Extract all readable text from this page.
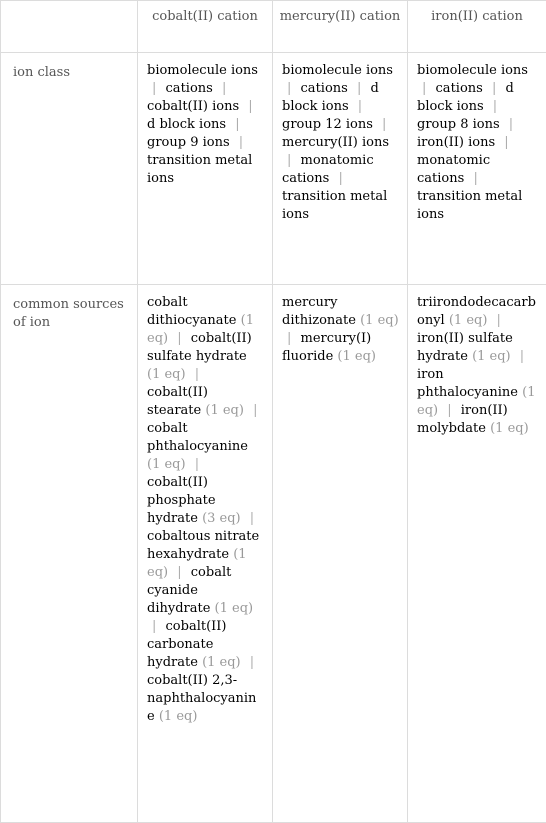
	cobalt(II) cation	mercury(II) cation	iron(II) cation
ion class	biomolecule ions | cations | cobalt(II) ions | d block ions | group 9 ions | transition metal ions	biomolecule ions | cations | d block ions | group 12 ions | mercury(II) ions | monatomic cations | transition metal ions	biomolecule ions | cations | d block ions | group 8 ions | iron(II) ions | monatomic cations | transition metal ions
common sources of ion	cobalt dithiocyanate (1 eq) | cobalt(II) sulfate hydrate (1 eq) | cobalt(II) stearate (1 eq) | cobalt phthalocyanine (1 eq) | cobalt(II) phosphate hydrate (3 eq) | cobaltous nitrate hexahydrate (1 eq) | cobalt cyanide dihydrate (1 eq) | cobalt(II) carbonate hydrate (1 eq) | cobalt(II) 2,3-naphthalocyanine (1 eq)	mercury dithizonate (1 eq) | mercury(I) fluoride (1 eq)	triirondodecacarbonyl (1 eq) | iron(II) sulfate hydrate (1 eq) | iron phthalocyanine (1 eq) | iron(II) molybdate (1 eq)
